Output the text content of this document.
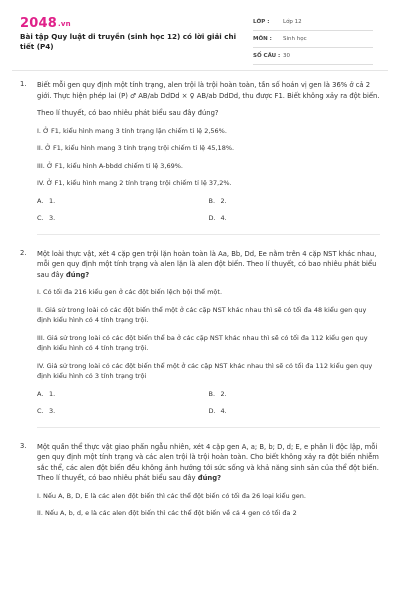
2048.vn
Bài tập Quy luật di truyền (sinh học 12) có lời giải chi tiết (P4)
LỚP :	Lớp 12
MÔN :	Sinh học
SỐ CÂU : 30
1. Biết mỗi gen quy định một tính trạng, alen trội là trội hoàn toàn, tần số hoán vị gen là 36% ở cả 2 giới. Thực hiện phép lai (P) ♂ AB/ab DdDd × ♀ AB/ab DdDd, thu được F1. Biết không xảy ra đột biến.

Theo lí thuyết, có bao nhiêu phát biểu sau đây đúng?

I. Ở F1, kiểu hình mang 3 tính trạng lặn chiếm tỉ lệ 2,56%.

II. Ở F1, kiểu hình mang 3 tính trạng trội chiếm tỉ lệ 45,18%.

III. Ở F1, kiểu hình A-bbdd chiếm tỉ lệ 3,69%.

IV. Ở F1, kiểu hình mang 2 tính trạng trội chiếm tỉ lệ 37,2%.

A. 1.	B. 2.
C. 3.	D. 4.
2. Một loài thực vật, xét 4 cặp gen trội lặn hoàn toàn là Aa, Bb, Dd, Ee nằm trên 4 cặp NST khác nhau, mỗi gen quy định một tính trạng và alen lặn là alen đột biến. Theo lí thuyết, có bao nhiêu phát biểu sau đây đúng?

I. Có tối đa 216 kiểu gen ở các đột biến lệch bội thể một.

II. Giả sử trong loài có các đột biến thể một ở các cặp NST khác nhau thì sẽ có tối đa 48 kiểu gen quy định kiểu hình có 4 tính trạng trội.

III. Giả sử trong loài có các đột biến thể ba ở các cặp NST khác nhau thì sẽ có tối đa 112 kiểu gen quy định kiểu hình có 4 tính trạng trội.

IV. Giả sử trong loài có các đột biến thể một ở các cặp NST khác nhau thì sẽ có tối đa 112 kiểu gen quy định kiểu hình có 3 tính trạng trội

A. 1.	B. 2.
C. 3.	D. 4.
3. Một quần thể thực vật giao phấn ngẫu nhiên, xét 4 cặp gen A, a; B, b; D, d; E, e phân li độc lập, mỗi gen quy định một tính trạng và các alen trội là trội hoàn toàn. Cho biết không xảy ra đột biến nhiễm sắc thể, các alen đột biến đều không ảnh hưởng tới sức sống và khả năng sinh sản của thể đột biến. Theo lí thuyết, có bao nhiêu phát biểu sau đây đúng?

I. Nếu A, B, D, E là các alen đột biến thì các thể đột biến có tối đa 26 loại kiểu gen.

II. Nếu A, b, d, e là các alen đột biến thì các thể đột biến về cả 4 gen có tối đa 2
